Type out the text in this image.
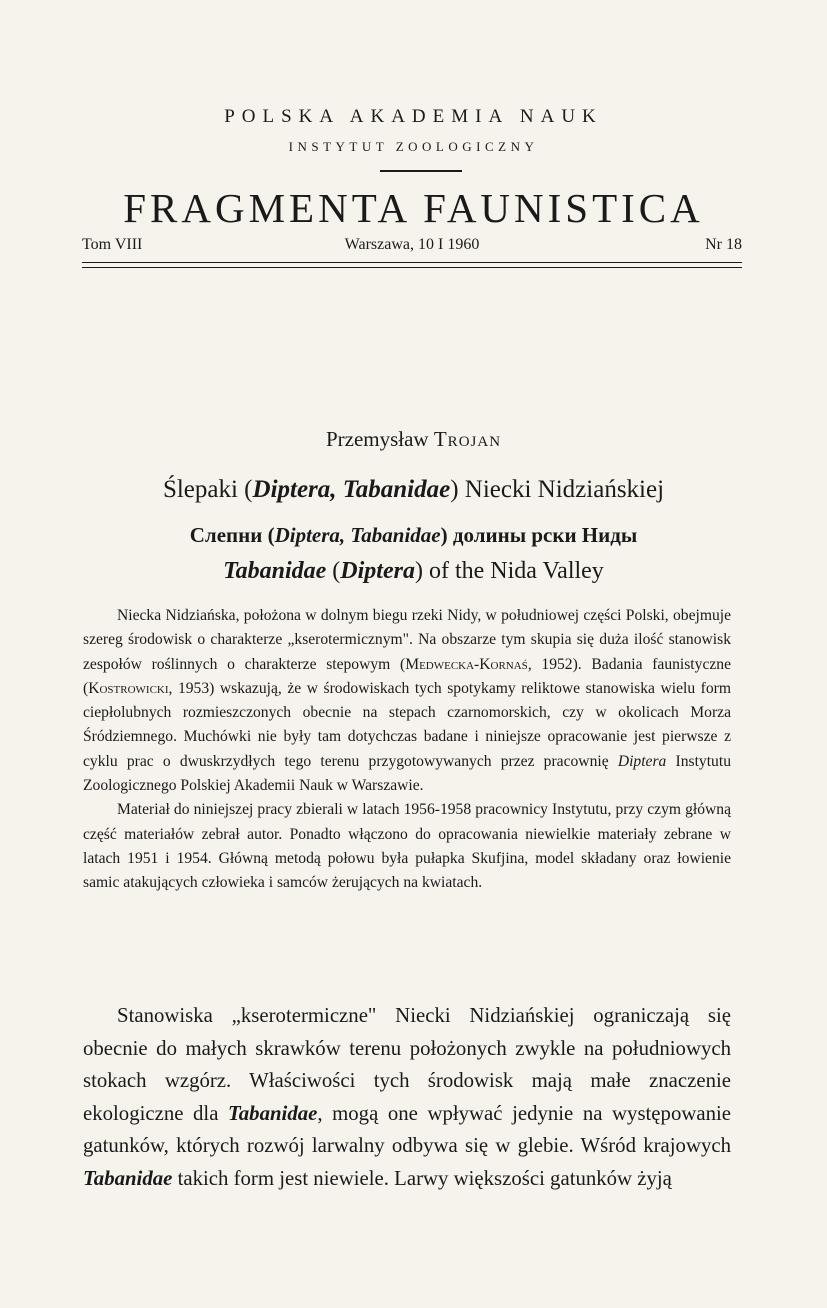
POLSKA AKADEMIA NAUK
INSTYTUT ZOOLOGICZNY
FRAGMENTA FAUNISTICA
Tom VIII	Warszawa, 10 I 1960	Nr 18
Przemysław Trojan
Ślepaki (Diptera, Tabanidae) Niecki Nidziańskiej
Слепни (Diptera, Tabanidae) долины рски Ниды
Tabanidae (Diptera) of the Nida Valley

Niecka Nidziańska, położona w dolnym biegu rzeki Nidy, w południowej części Polski, obejmuje szereg środowisk o charakterze „kserotermicznym". Na obszarze tym skupia się duża ilość stanowisk zespołów roślinnych o charakterze stepowym (Medwecka-Kornaś, 1952). Badania faunistyczne (Kostrowicki, 1953) wskazują, że w środowiskach tych spotykamy reliktowe stanowiska wielu form ciepłolubnych rozmieszczonych obecnie na stepach czarnomorskich, czy w okolicach Morza Śródziemnego. Muchówki nie były tam dotychczas badane i niniejsze opracowanie jest pierwsze z cyklu prac o dwuskrzydłych tego terenu przygotowywanych przez pracownię Diptera Instytutu Zoologicznego Polskiej Akademii Nauk w Warszawie.

Materiał do niniejszej pracy zbierali w latach 1956-1958 pracownicy Instytutu, przy czym główną część materiałów zebrał autor. Ponadto włączono do opracowania niewielkie materiały zebrane w latach 1951 i 1954. Główną metodą połowu była pułapka Skufjina, model składany oraz łowienie samic atakujących człowieka i samców żerujących na kwiatach.

Stanowiska „kserotermiczne" Niecki Nidziańskiej ograniczają się obecnie do małych skrawków terenu położonych zwykle na południowych stokach wzgórz. Właściwości tych środowisk mają małe znaczenie ekologiczne dla Tabanidae, mogą one wpływać jedynie na występowanie gatunków, których rozwój larwalny odbywa się w glebie. Wśród krajowych Tabanidae takich form jest niewiele. Larwy większości gatunków żyją
